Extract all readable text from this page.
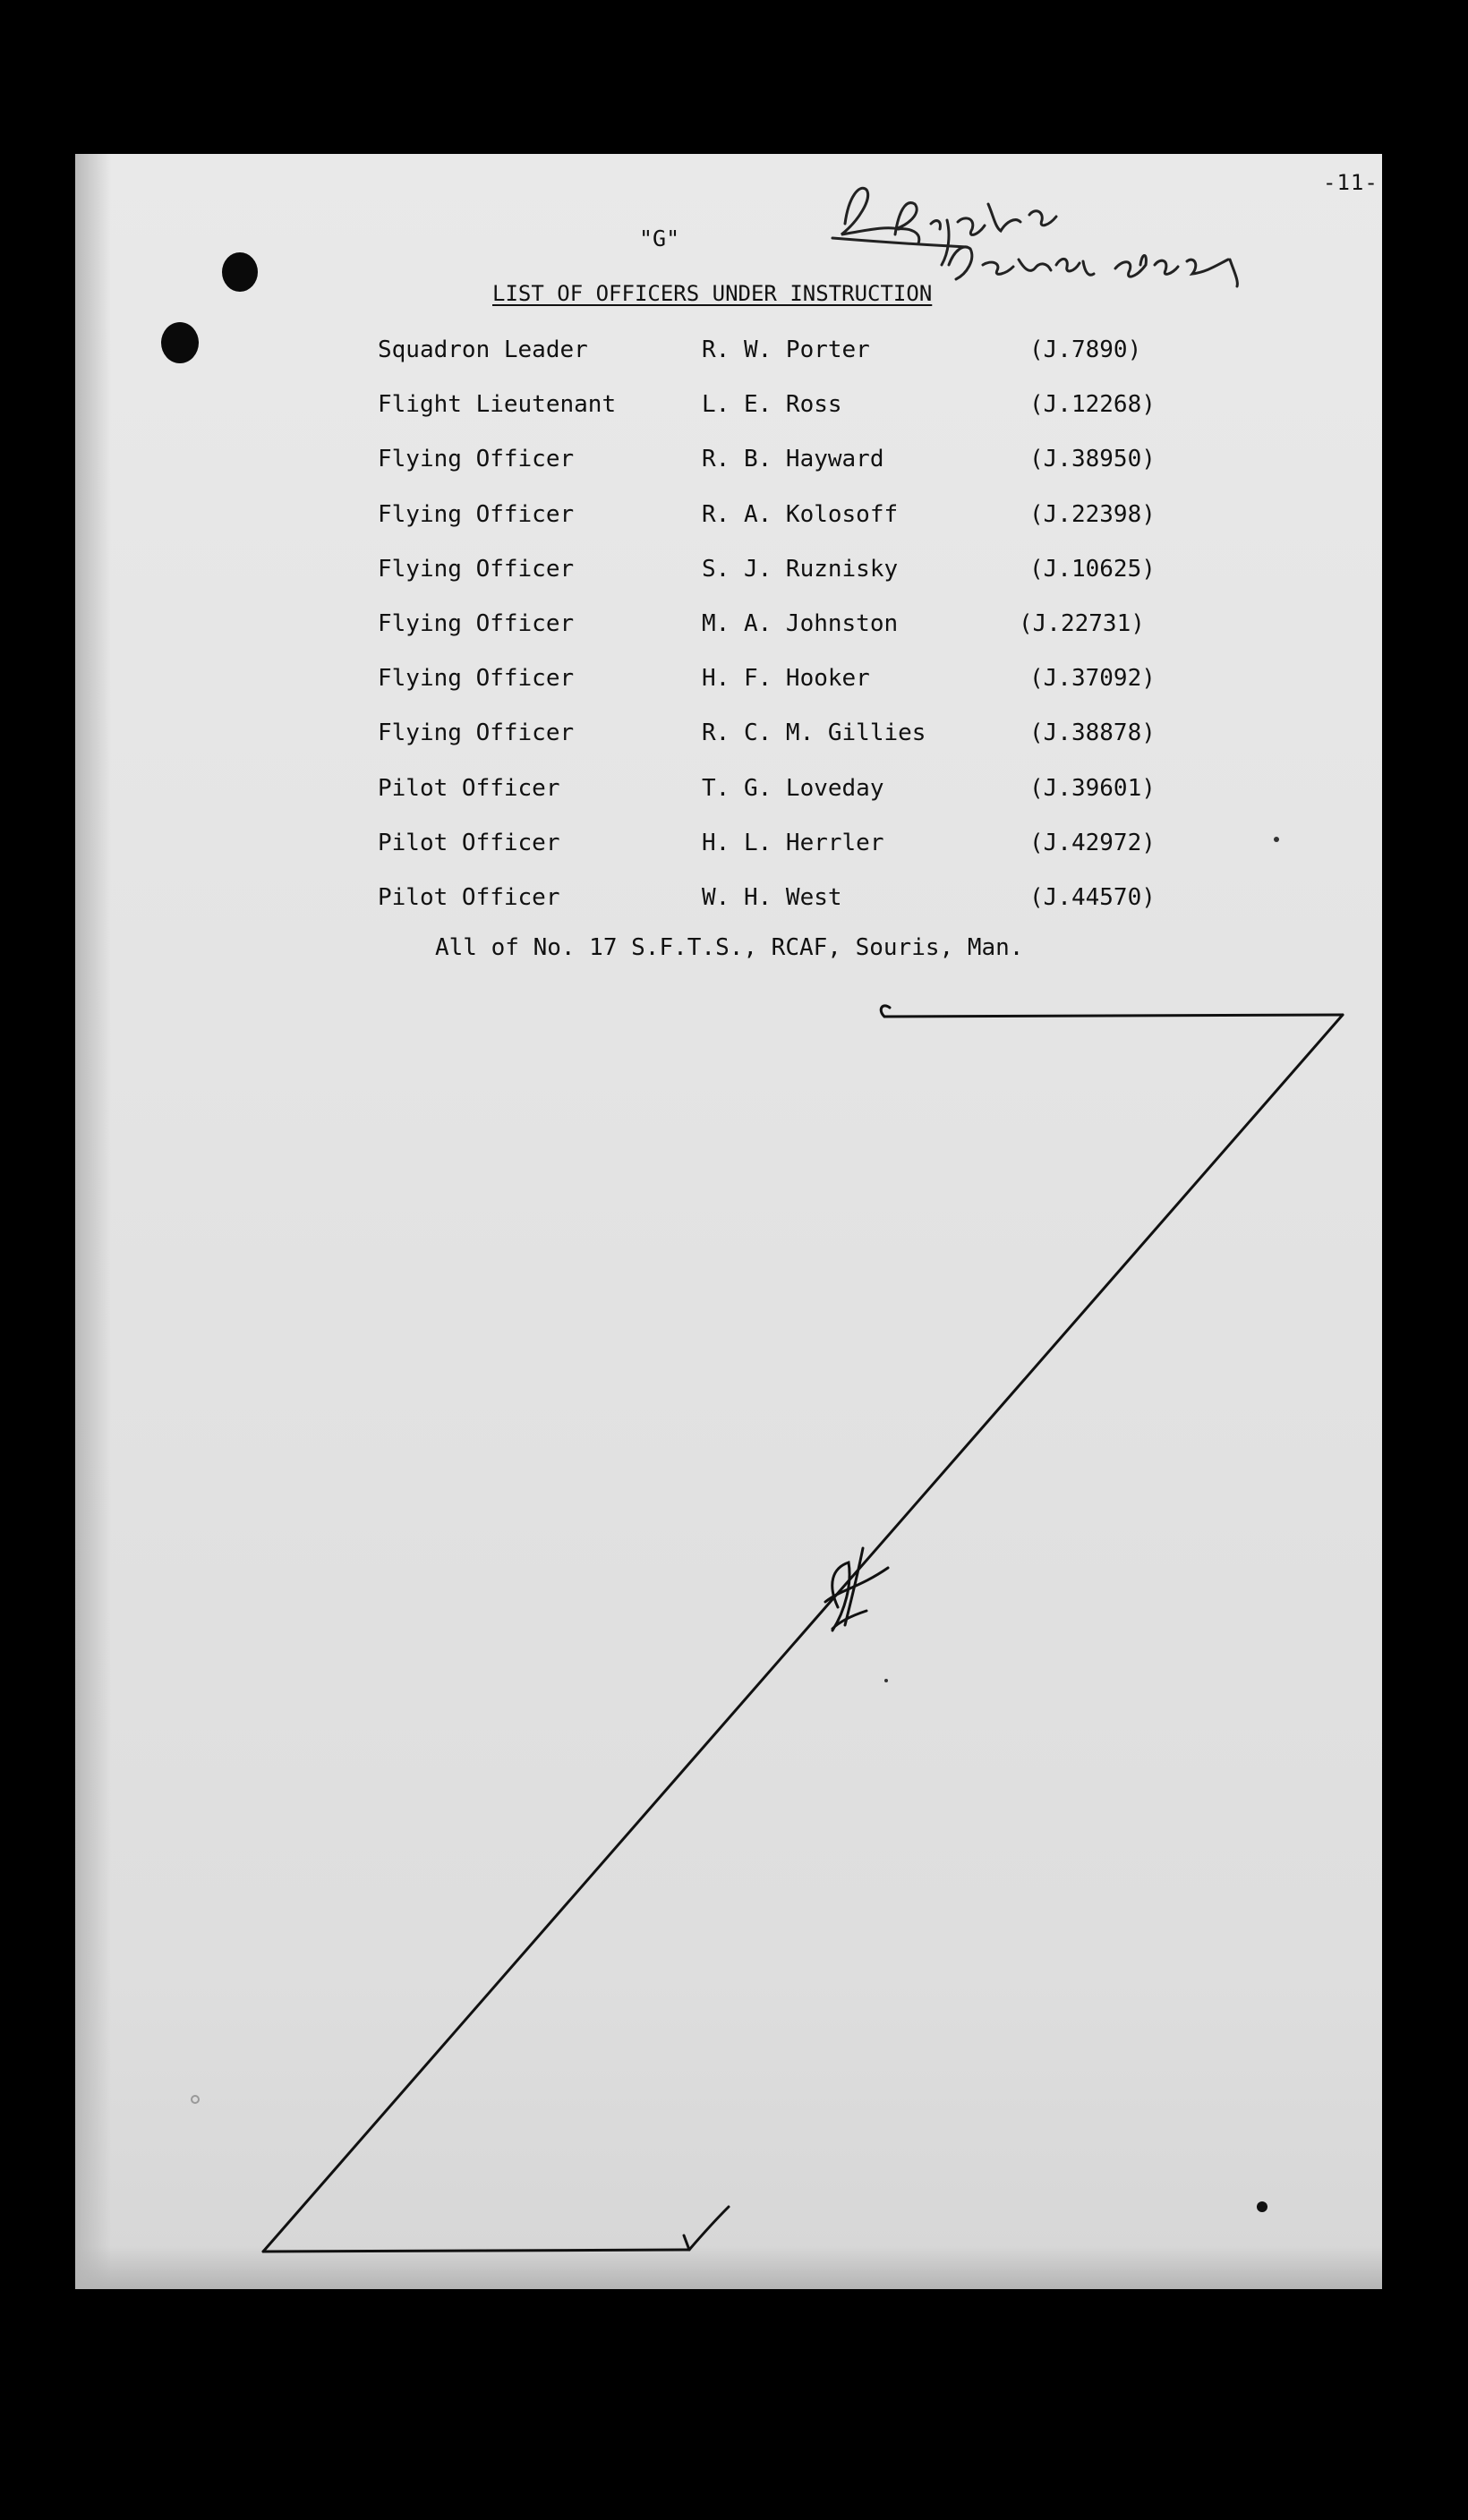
-11-
"G"
LIST OF OFFICERS UNDER INSTRUCTION
Squadron Leader	R. W. Porter	(J.7890)
Flight Lieutenant	L. E. Ross	(J.12268)
Flying Officer	R. B. Hayward	(J.38950)
Flying Officer	R. A. Kolosoff	(J.22398)
Flying Officer	S. J. Ruznisky	(J.10625)
Flying Officer	M. A. Johnston	(J.22731)
Flying Officer	H. F. Hooker	(J.37092)
Flying Officer	R. C. M. Gillies	(J.38878)
Pilot Officer	T. G. Loveday	(J.39601)
Pilot Officer	H. L. Herrler	(J.42972)
Pilot Officer	W. H. West	(J.44570)
All of No. 17 S.F.T.S., RCAF, Souris, Man.
